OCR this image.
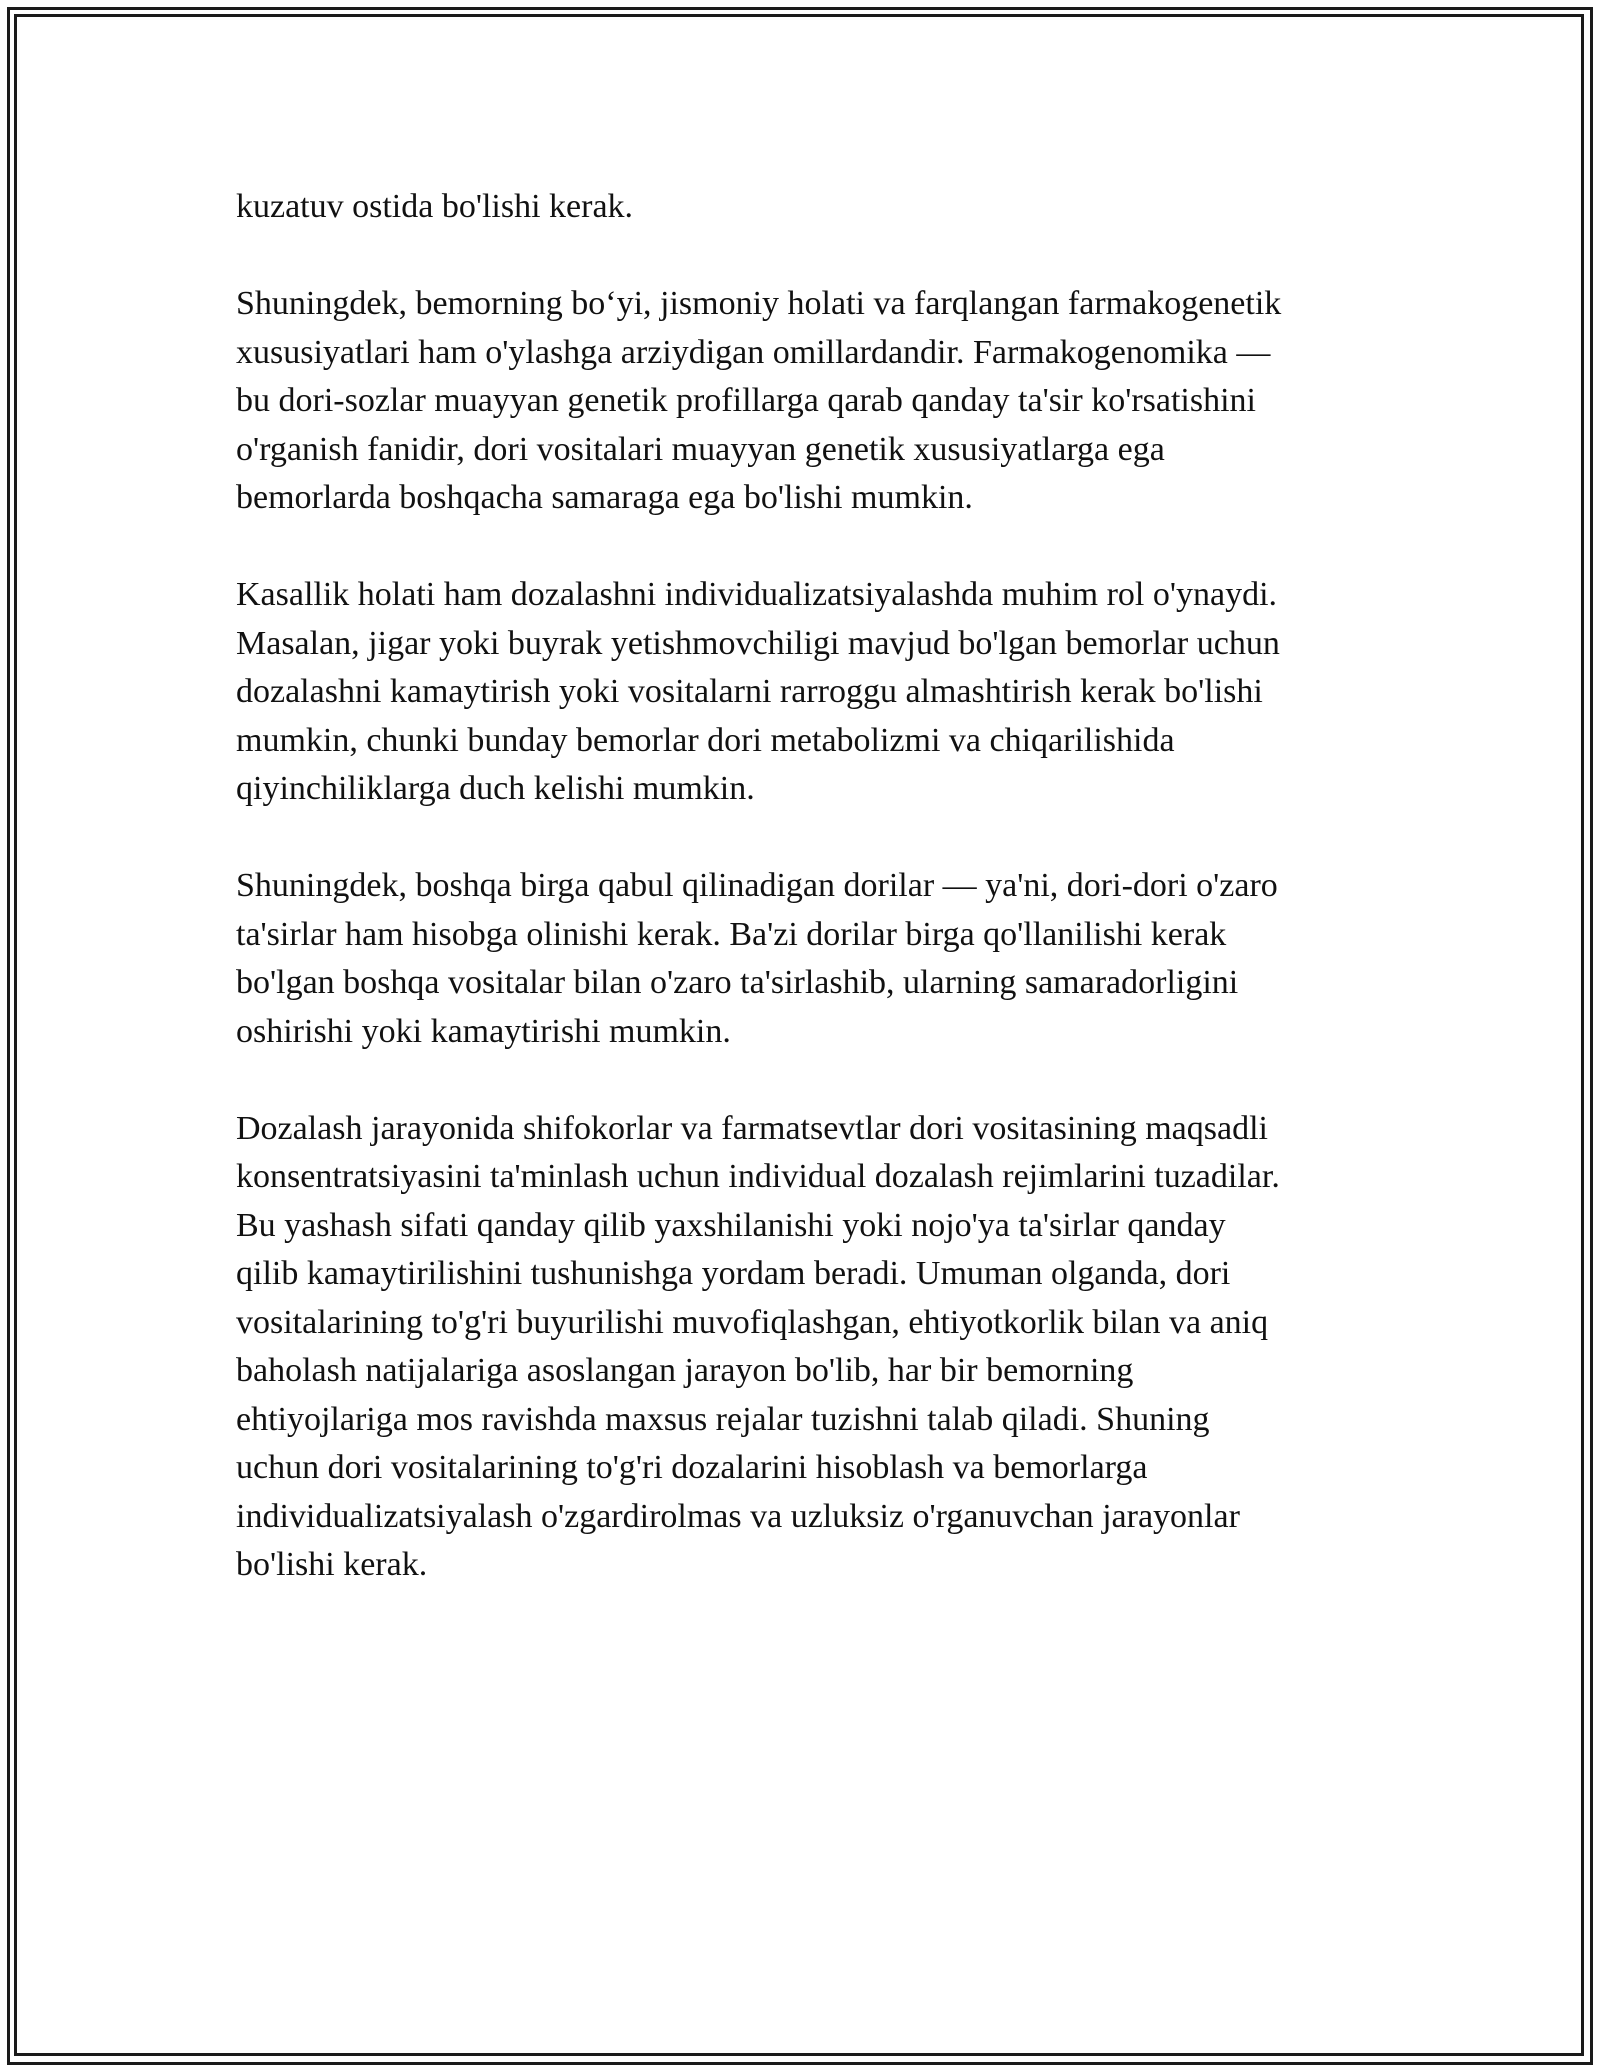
kuzatuv ostida bo'lishi kerak.

Shuningdek, bemorning bo‘yi, jismoniy holati va farqlangan farmakogenetik
xususiyatlari ham o'ylashga arziydigan omillardandir. Farmakogenomika —
bu dori-sozlar muayyan genetik profillarga qarab qanday ta'sir ko'rsatishini
o'rganish fanidir, dori vositalari muayyan genetik xususiyatlarga ega
bemorlarda boshqacha samaraga ega bo'lishi mumkin.

Kasallik holati ham dozalashni individualizatsiyalashda muhim rol o'ynaydi.
Masalan, jigar yoki buyrak yetishmovchiligi mavjud bo'lgan bemorlar uchun
dozalashni kamaytirish yoki vositalarni rarroggu almashtirish kerak bo'lishi
mumkin, chunki bunday bemorlar dori metabolizmi va chiqarilishida
qiyinchiliklarga duch kelishi mumkin.

Shuningdek, boshqa birga qabul qilinadigan dorilar — ya'ni, dori-dori o'zaro
ta'sirlar ham hisobga olinishi kerak. Ba'zi dorilar birga qo'llanilishi kerak
bo'lgan boshqa vositalar bilan o'zaro ta'sirlashib, ularning samaradorligini
oshirishi yoki kamaytirishi mumkin.

Dozalash jarayonida shifokorlar va farmatsevtlar dori vositasining maqsadli
konsentratsiyasini ta'minlash uchun individual dozalash rejimlarini tuzadilar.
Bu yashash sifati qanday qilib yaxshilanishi yoki nojo'ya ta'sirlar qanday
qilib kamaytirilishini tushunishga yordam beradi. Umuman olganda, dori
vositalarining to'g'ri buyurilishi muvofiqlashgan, ehtiyotkorlik bilan va aniq
baholash natijalariga asoslangan jarayon bo'lib, har bir bemorning
ehtiyojlariga mos ravishda maxsus rejalar tuzishni talab qiladi. Shuning
uchun dori vositalarining to'g'ri dozalarini hisoblash va bemorlarga
individualizatsiyalash o'zgardirolmas va uzluksiz o'rganuvchan jarayonlar
bo'lishi kerak.
